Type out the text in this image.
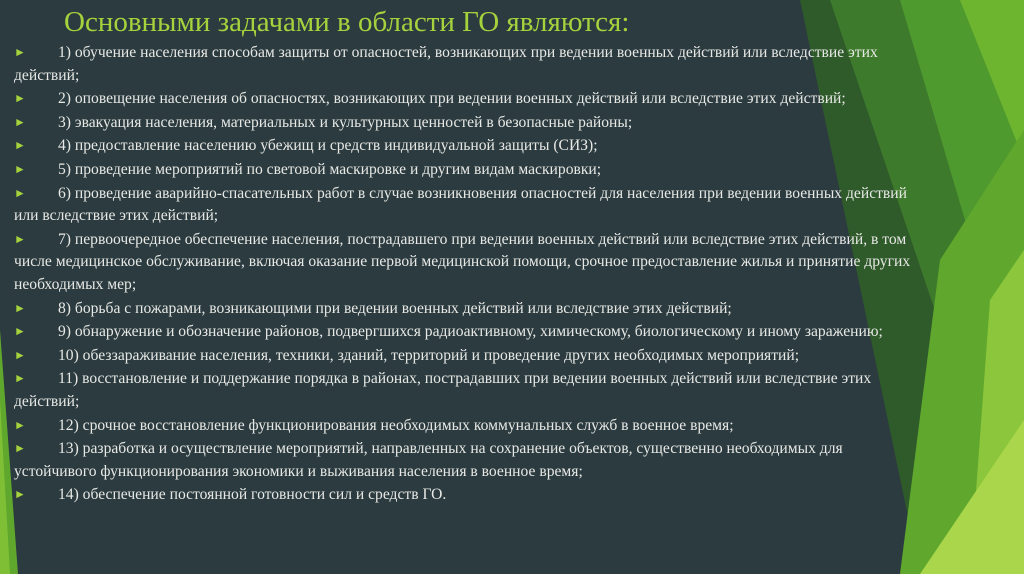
Основными задачами в области ГО являются:
► 1) обучение населения способам защиты от опасностей, возникающих при ведении военных действий или вследствие этих действий;
► 2) оповещение населения об опасностях, возникающих при ведении военных действий или вследствие этих действий;
► 3) эвакуация населения, материальных и культурных ценностей в безопасные районы;
► 4) предоставление населению убежищ и средств индивидуальной защиты (СИЗ);
► 5) проведение мероприятий по световой маскировке и другим видам маскировки;
► 6) проведение аварийно-спасательных работ в случае возникновения опасностей для населения при ведении военных действий или вследствие этих действий;
► 7) первоочередное обеспечение населения, пострадавшего при ведении военных действий или вследствие этих действий, в том числе медицинское обслуживание, включая оказание первой медицинской помощи, срочное предоставление жилья и принятие других необходимых мер;
► 8) борьба с пожарами, возникающими при ведении военных действий или вследствие этих действий;
► 9) обнаружение и обозначение районов, подвергшихся радиоактивному, химическому, биологическому и иному заражению;
► 10) обеззараживание населения, техники, зданий, территорий и проведение других необходимых мероприятий;
► 11) восстановление и поддержание порядка в районах, пострадавших при ведении военных действий или вследствие этих действий;
► 12) срочное восстановление функционирования необходимых коммунальных служб в военное время;
► 13) разработка и осуществление мероприятий, направленных на сохранение объектов, существенно необходимых для устойчивого функционирования экономики и выживания населения в военное время;
► 14) обеспечение постоянной готовности сил и средств ГО.
